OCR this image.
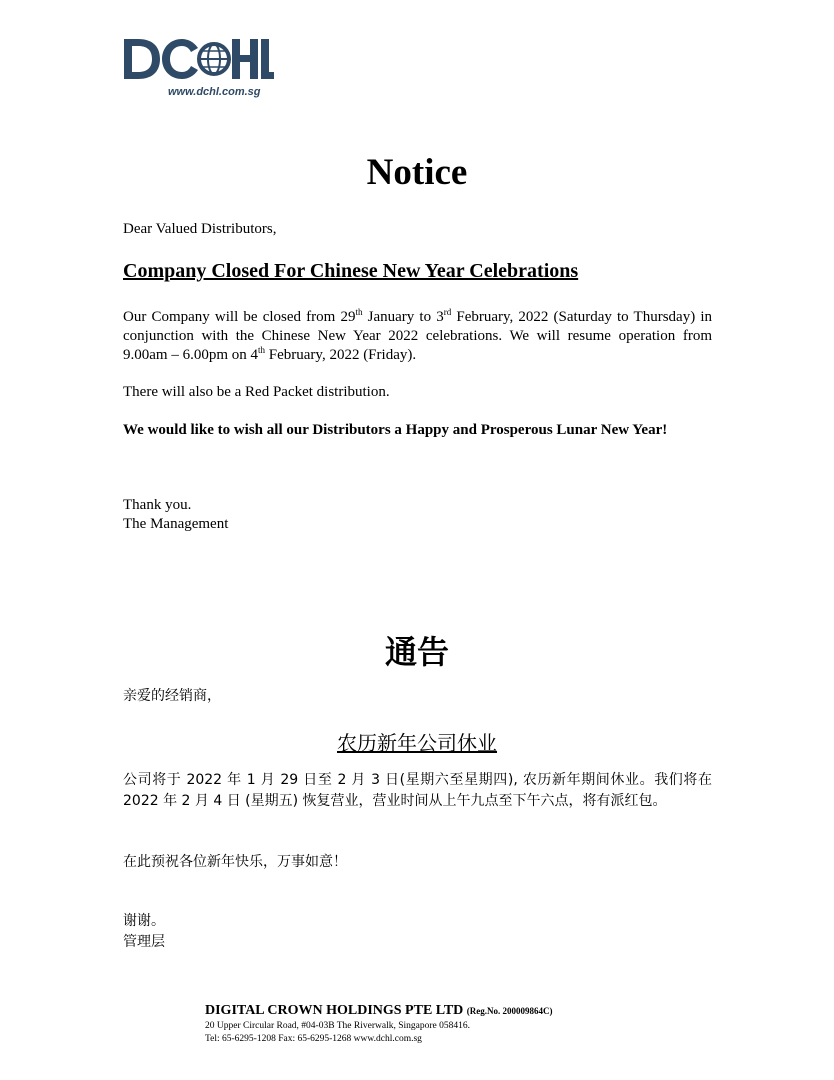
www.dchl.com.sg
Notice

Dear Valued Distributors,

Company Closed For Chinese New Year Celebrations

Our Company will be closed from 29th January to 3rd February, 2022 (Saturday to Thursday) in conjunction with the Chinese New Year 2022 celebrations. We will resume operation from 9.00am – 6.00pm on 4th February, 2022 (Friday).

There will also be a Red Packet distribution.

We would like to wish all our Distributors a Happy and Prosperous Lunar New Year!

Thank you.

The Management

通告

亲爱的经销商，

农历新年公司休业

公司将于 2022 年 1 月 29 日至 2 月 3 日(星期六至星期四), 农历新年期间休业。我们将在 2022 年 2 月 4 日 (星期五) 恢复营业，营业时间从上午九点至下午六点，将有派红包。

在此预祝各位新年快乐，万事如意！

谢谢。

管理层

DIGITAL CROWN HOLDINGS PTE LTD (Reg.No. 200009864C)
20 Upper Circular Road, #04-03B The Riverwalk, Singapore 058416.
Tel: 65-6295-1208 Fax: 65-6295-1268 www.dchl.com.sg
